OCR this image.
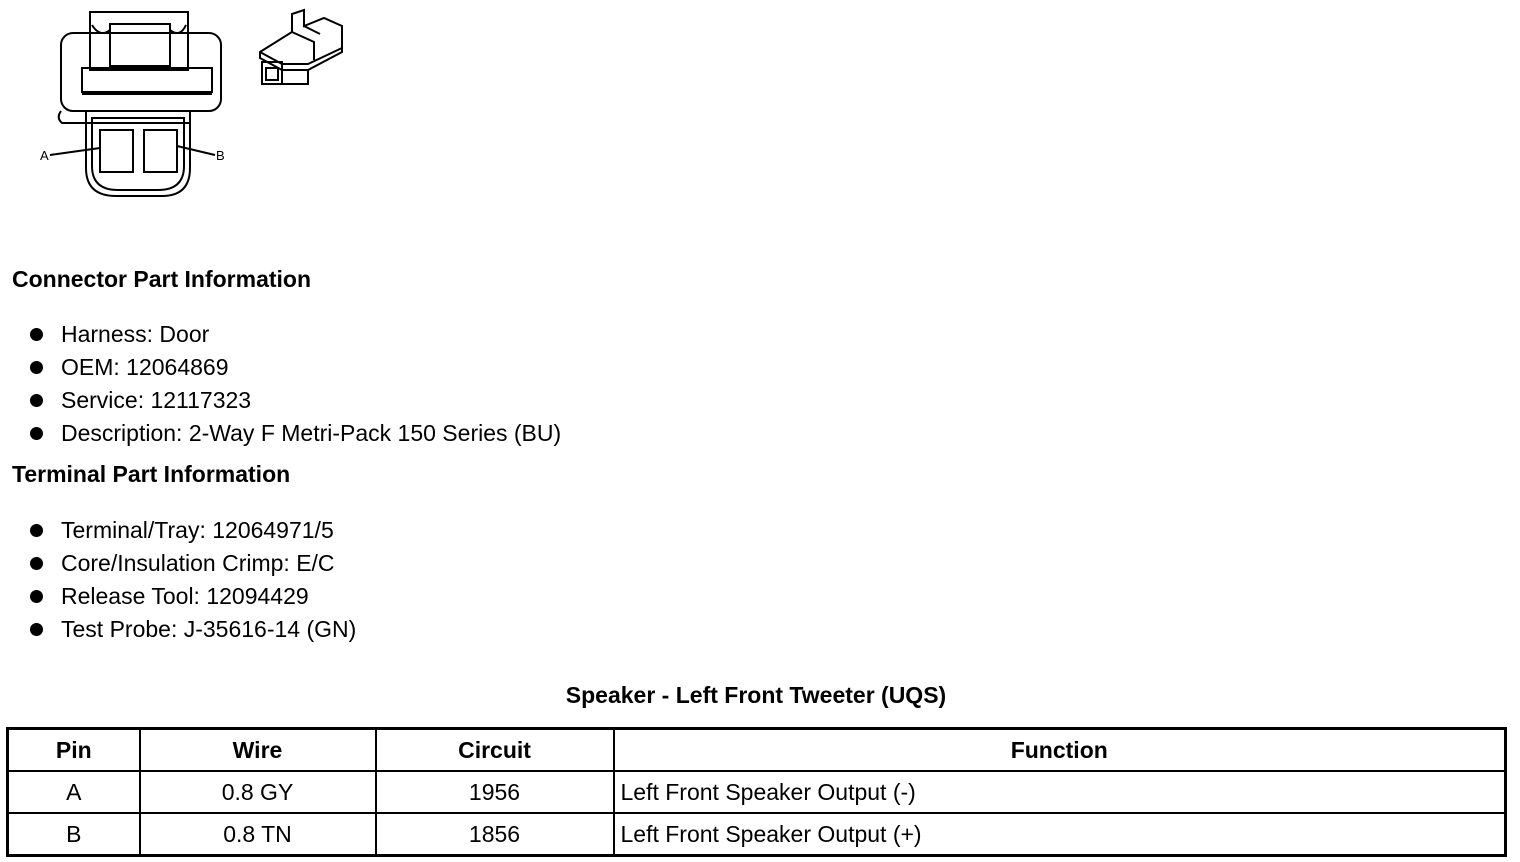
A	B
Connector Part Information
Harness: Door
OEM: 12064869
Service: 12117323
Description: 2-Way F Metri-Pack 150 Series (BU)
Terminal Part Information
Terminal/Tray: 12064971/5
Core/Insulation Crimp: E/C
Release Tool: 12094429
Test Probe: J-35616-14 (GN)
Speaker - Left Front Tweeter (UQS)
Pin	Wire	Circuit	Function
A	0.8 GY	1956	Left Front Speaker Output (-)
B	0.8 TN	1856	Left Front Speaker Output (+)
